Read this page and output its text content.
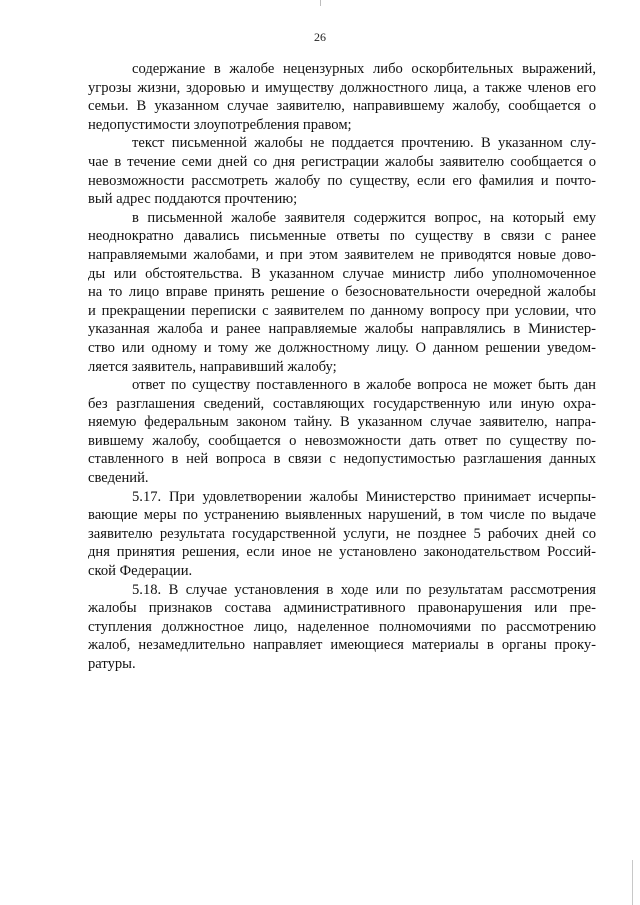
26

содержание в жалобе нецензурных либо оскорбительных выражений,
угрозы жизни, здоровью и имуществу должностного лица, а также членов его
семьи. В указанном случае заявителю, направившему жалобу, сообщается о
недопустимости злоупотребления правом;

текст письменной жалобы не поддается прочтению. В указанном слу-
чае в течение семи дней со дня регистрации жалобы заявителю сообщается о
невозможности рассмотреть жалобу по существу, если его фамилия и почто-
вый адрес поддаются прочтению;

в письменной жалобе заявителя содержится вопрос, на который ему
неоднократно давались письменные ответы по существу в связи с ранее
направляемыми жалобами, и при этом заявителем не приводятся новые дово-
ды или обстоятельства. В указанном случае министр либо уполномоченное
на то лицо вправе принять решение о безосновательности очередной жалобы
и прекращении переписки с заявителем по данному вопросу при условии, что
указанная жалоба и ранее направляемые жалобы направлялись в Министер-
ство или одному и тому же должностному лицу. О данном решении уведом-
ляется заявитель, направивший жалобу;

ответ по существу поставленного в жалобе вопроса не может быть дан
без разглашения сведений, составляющих государственную или иную охра-
няемую федеральным законом тайну. В указанном случае заявителю, напра-
вившему жалобу, сообщается о невозможности дать ответ по существу по-
ставленного в ней вопроса в связи с недопустимостью разглашения данных
сведений.

5.17. При удовлетворении жалобы Министерство принимает исчерпы-
вающие меры по устранению выявленных нарушений, в том числе по выдаче
заявителю результата государственной услуги, не позднее 5 рабочих дней со
дня принятия решения, если иное не установлено законодательством Россий-
ской Федерации.

5.18. В случае установления в ходе или по результатам рассмотрения
жалобы признаков состава административного правонарушения или пре-
ступления должностное лицо, наделенное полномочиями по рассмотрению
жалоб, незамедлительно направляет имеющиеся материалы в органы проку-
ратуры.
